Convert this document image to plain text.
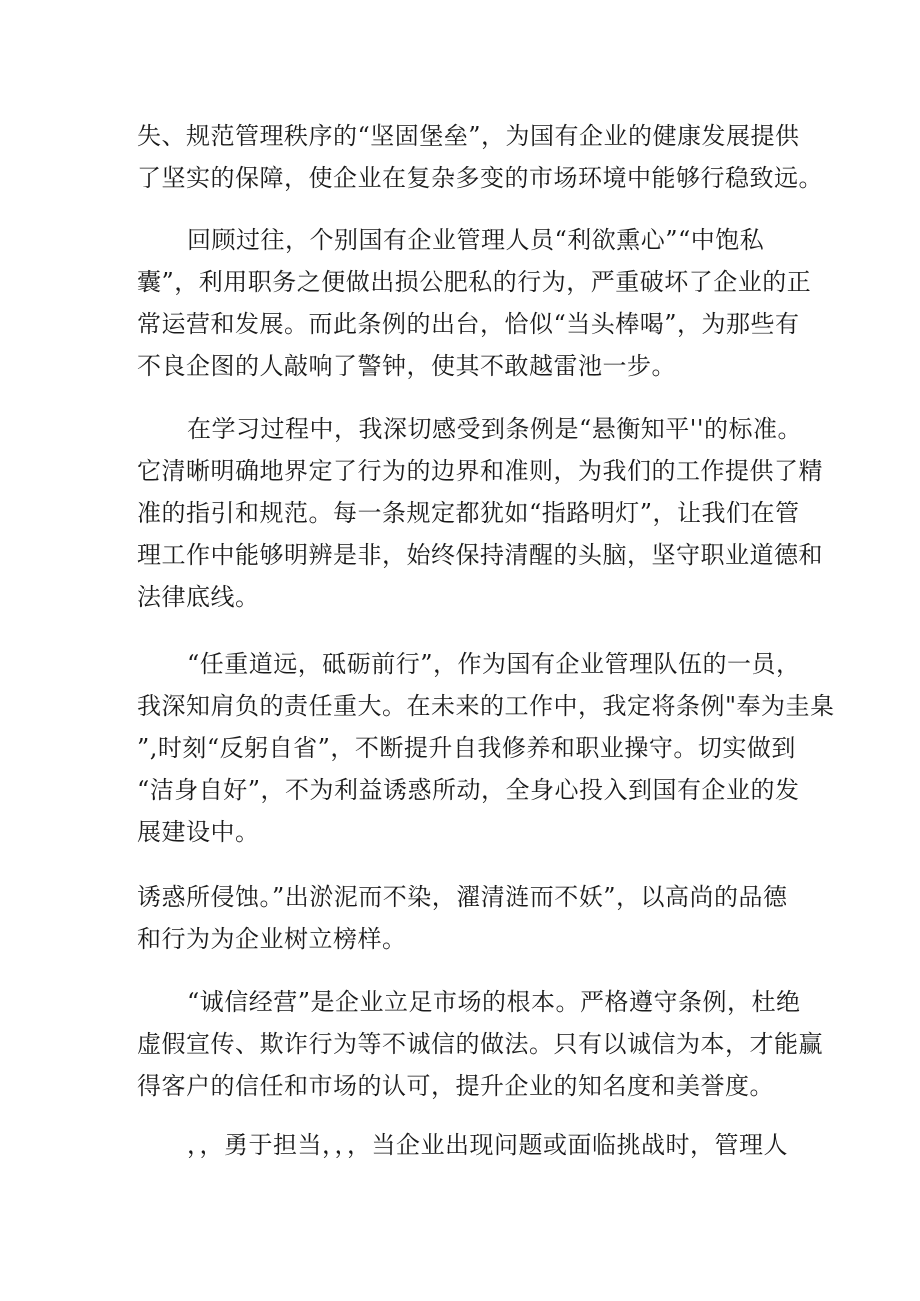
失、规范管理秩序的“坚固堡垒”，为国有企业的健康发展提供
了坚实的保障，使企业在复杂多变的市场环境中能够行稳致远。

回顾过往，个别国有企业管理人员“利欲熏心”“中饱私
囊”，利用职务之便做出损公肥私的行为，严重破坏了企业的正
常运营和发展。而此条例的出台，恰似“当头棒喝”，为那些有
不良企图的人敲响了警钟，使其不敢越雷池一步。

在学习过程中，我深切感受到条例是“悬衡知平''的标准。
它清晰明确地界定了行为的边界和准则，为我们的工作提供了精
准的指引和规范。每一条规定都犹如“指路明灯”，让我们在管
理工作中能够明辨是非，始终保持清醒的头脑，坚守职业道德和
法律底线。

“任重道远，砥砺前行”，作为国有企业管理队伍的一员，
我深知肩负的责任重大。在未来的工作中，我定将条例"奉为圭臬
”,时刻“反躬自省”，不断提升自我修养和职业操守。切实做到
“洁身自好”，不为利益诱惑所动，全身心投入到国有企业的发
展建设中。

诱惑所侵蚀。”出淤泥而不染，濯清涟而不妖”，以高尚的品德
和行为为企业树立榜样。

“诚信经营”是企业立足市场的根本。严格遵守条例，杜绝
虚假宣传、欺诈行为等不诚信的做法。只有以诚信为本，才能赢
得客户的信任和市场的认可，提升企业的知名度和美誉度。

，，勇于担当，，，当企业出现问题或面临挑战时，管理人
